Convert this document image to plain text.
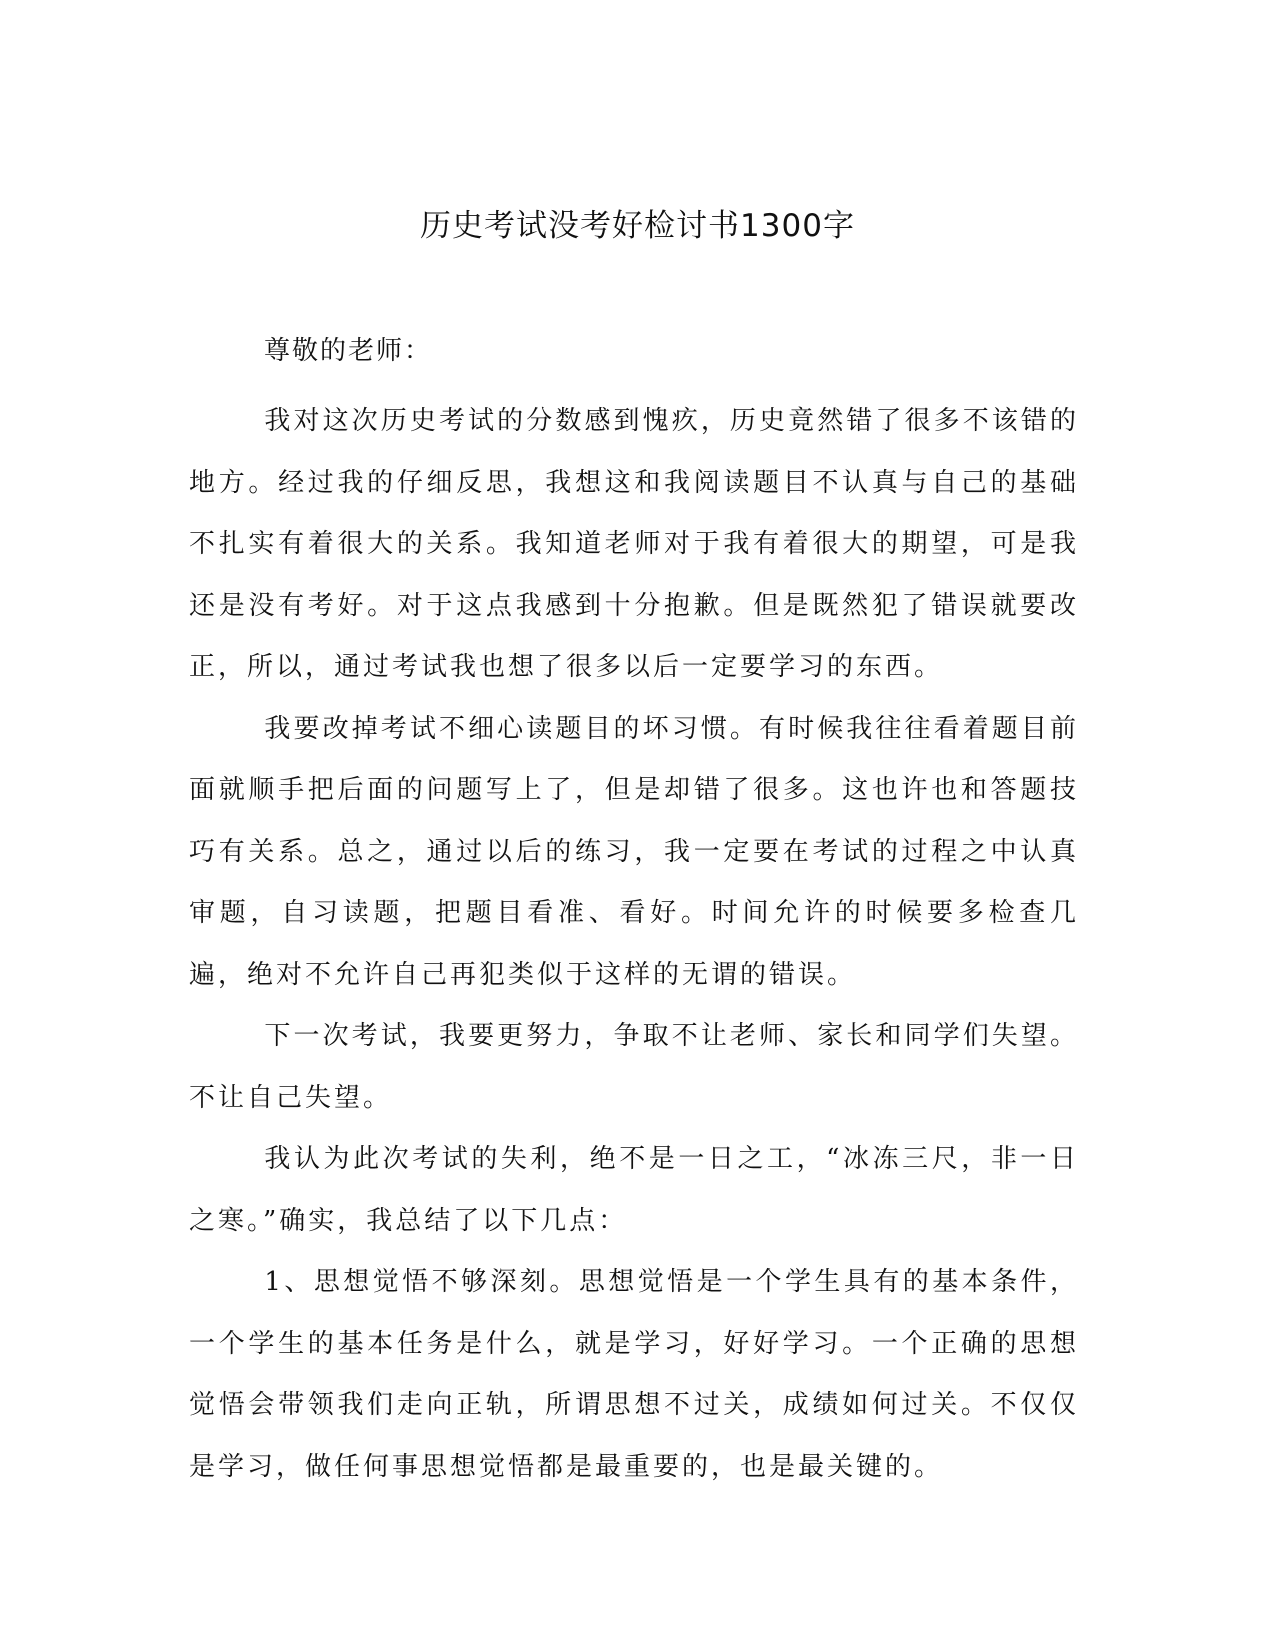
历史考试没考好检讨书1300字

尊敬的老师：

我对这次历史考试的分数感到愧疚，历史竟然错了很多不该错的地方。经过我的仔细反思，我想这和我阅读题目不认真与自己的基础不扎实有着很大的关系。我知道老师对于我有着很大的期望，可是我还是没有考好。对于这点我感到十分抱歉。但是既然犯了错误就要改正，所以，通过考试我也想了很多以后一定要学习的东西。

我要改掉考试不细心读题目的坏习惯。有时候我往往看着题目前面就顺手把后面的问题写上了，但是却错了很多。这也许也和答题技巧有关系。总之，通过以后的练习，我一定要在考试的过程之中认真审题，自习读题，把题目看准、看好。时间允许的时候要多检查几遍，绝对不允许自己再犯类似于这样的无谓的错误。

下一次考试，我要更努力，争取不让老师、家长和同学们失望。不让自己失望。

我认为此次考试的失利，绝不是一日之工，“冰冻三尺，非一日之寒。”确实，我总结了以下几点：

1、思想觉悟不够深刻。思想觉悟是一个学生具有的基本条件，一个学生的基本任务是什么，就是学习，好好学习。一个正确的思想觉悟会带领我们走向正轨，所谓思想不过关，成绩如何过关。不仅仅是学习，做任何事思想觉悟都是最重要的，也是最关键的。
